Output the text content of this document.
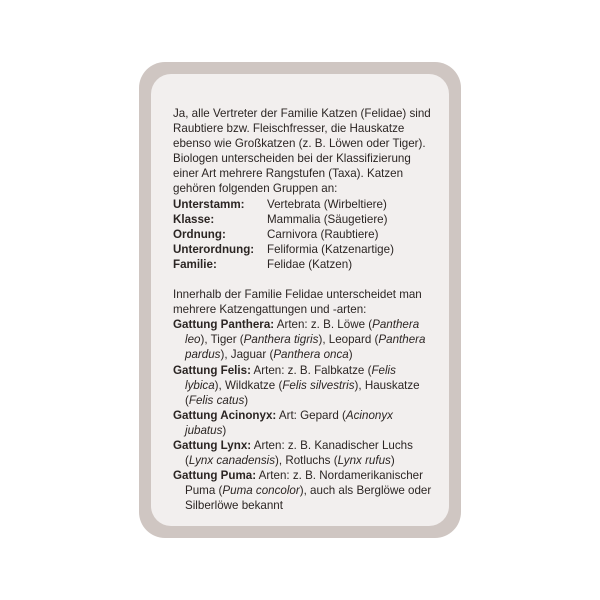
Ja, alle Vertreter der Familie Katzen (Felidae) sind Raubtiere bzw. Fleischfresser, die Hauskatze ebenso wie Großkatzen (z. B. Löwen oder Tiger). Biologen unterscheiden bei der Klassifizierung einer Art mehrere Rangstufen (Taxa). Katzen gehören folgenden Gruppen an:

Unterstamm:	Vertebrata (Wirbeltiere)
Klasse:	Mammalia (Säugetiere)
Ordnung:	Carnivora (Raubtiere)
Unterordnung:	Feliformia (Katzenartige)
Familie:	Felidae (Katzen)

Innerhalb der Familie Felidae unterscheidet man mehrere Katzengattungen und -arten:

Gattung Panthera: Arten: z. B. Löwe (Panthera leo), Tiger (Panthera tigris), Leopard (Panthera pardus), Jaguar (Panthera onca)

Gattung Felis: Arten: z. B. Falbkatze (Felis lybica), Wildkatze (Felis silvestris), Hauskatze (Felis catus)

Gattung Acinonyx: Art: Gepard (Acinonyx jubatus)

Gattung Lynx: Arten: z. B. Kanadischer Luchs (Lynx canadensis), Rotluchs (Lynx rufus)

Gattung Puma: Arten: z. B. Nordamerikanischer Puma (Puma concolor), auch als Berglöwe oder Silberlöwe bekannt
